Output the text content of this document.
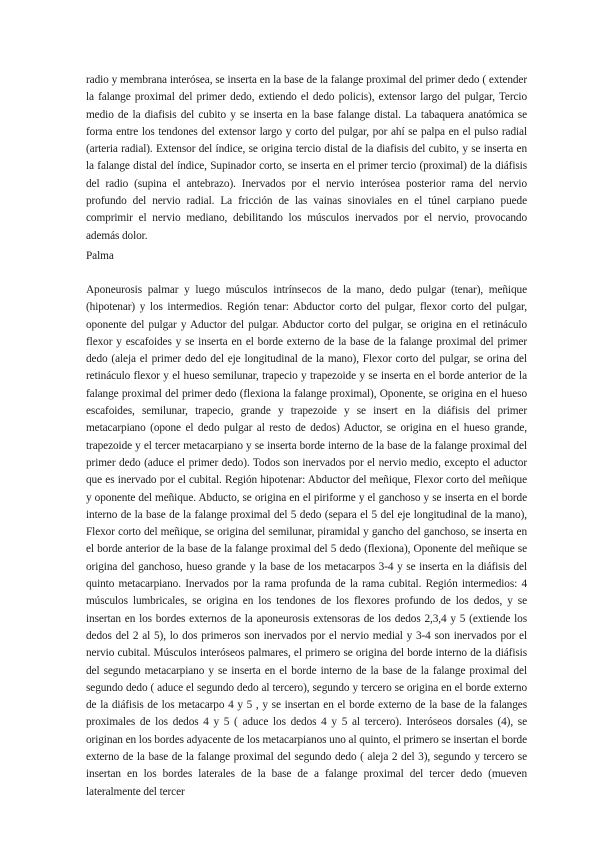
radio y membrana interósea, se inserta en la base de la falange proximal del primer dedo ( extender la falange proximal del primer dedo, extiendo el dedo policis), extensor largo del pulgar, Tercio medio de la diafisis del cubito y se inserta en la base falange distal. La tabaquera anatómica se forma entre los tendones del extensor largo y corto del pulgar, por ahí se palpa en el pulso radial (arteria radial). Extensor del índice, se origina tercio distal de la diafisis del cubito, y se inserta en la falange distal del índice, Supinador corto, se inserta en el primer tercio (proximal) de la diáfisis del radio (supina el antebrazo). Inervados por el nervio interósea posterior rama del nervio profundo del nervio radial. La fricción de las vainas sinoviales en el túnel carpiano puede comprimir el nervio mediano, debilitando los músculos inervados por el nervio, provocando además dolor.

Palma

Aponeurosis palmar y luego músculos intrínsecos de la mano, dedo pulgar (tenar), meñique (hipotenar) y los intermedios. Región tenar: Abductor corto del pulgar, flexor corto del pulgar, oponente del pulgar y Aductor del pulgar. Abductor corto del pulgar, se origina en el retináculo flexor y escafoides y se inserta en el borde externo de la base de la falange proximal del primer dedo (aleja el primer dedo del eje longitudinal de la mano), Flexor corto del pulgar, se orina del retináculo flexor y el hueso semilunar, trapecio y trapezoide y se inserta en el borde anterior de la falange proximal del primer dedo (flexiona la falange proximal), Oponente, se origina en el hueso escafoides, semilunar, trapecio, grande y trapezoide y se insert en la diáfisis del primer metacarpiano (opone el dedo pulgar al resto de dedos) Aductor, se origina en el hueso grande, trapezoide y el tercer metacarpiano y se inserta borde interno de la base de la falange proximal del primer dedo (aduce el primer dedo). Todos son inervados por el nervio medio, excepto el aductor que es inervado por el cubital. Región hipotenar: Abductor del meñique, Flexor corto del meñique y oponente del meñique. Abducto, se origina en el piriforme y el ganchoso y se inserta en el borde interno de la base de la falange proximal del 5 dedo (separa el 5 del eje longitudinal de la mano), Flexor corto del meñique, se origina del semilunar, piramidal y gancho del ganchoso, se inserta en el borde anterior de la base de la falange proximal del 5 dedo (flexiona), Oponente del meñique se origina del ganchoso, hueso grande y la base de los metacarpos 3-4 y se inserta en la diáfisis del quinto metacarpiano. Inervados por la rama profunda de la rama cubital. Región intermedios: 4 músculos lumbricales, se origina en los tendones de los flexores profundo de los dedos, y se insertan en los bordes externos de la aponeurosis extensoras de los dedos 2,3,4 y 5 (extiende los dedos del 2 al 5), lo dos primeros son inervados por el nervio medial y 3-4 son inervados por el nervio cubital. Músculos interóseos palmares, el primero se origina del borde interno de la diáfisis del segundo metacarpiano y se inserta en el borde interno de la base de la falange proximal del segundo dedo ( aduce el segundo dedo al tercero), segundo y tercero se origina en el borde externo de la diáfisis de los metacarpo 4 y 5 , y se insertan en el borde externo de la base de la falanges proximales de los dedos 4 y 5 ( aduce los dedos 4 y 5 al tercero). Interóseos dorsales (4), se originan en los bordes adyacente de los metacarpianos uno al quinto, el primero se insertan el borde externo de la base de la falange proximal del segundo dedo ( aleja 2 del 3), segundo y tercero se insertan en los bordes laterales de la base de a falange proximal del tercer dedo (mueven lateralmente del tercer
